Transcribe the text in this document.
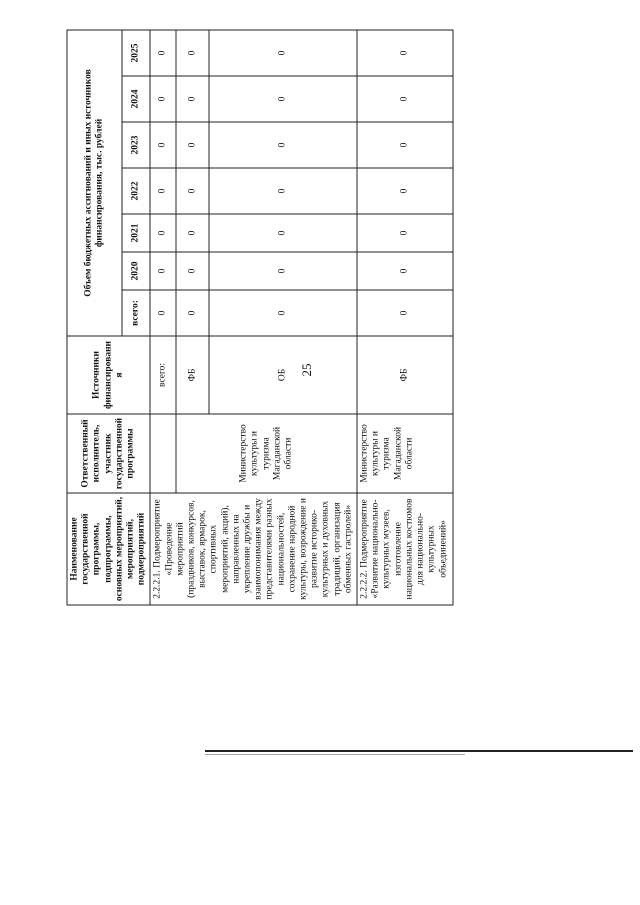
25
Наименование государственной программы, подпрограммы, основных мероприятий, мероприятий, подмероприятий	Ответственный исполнитель, участник государственной программы	Источники финансирования	Объем бюджетных ассигнований и иных источников финансирования, тыс. рублей						
			всего:	2020	2021	2022	2023	2024	2025
2.2.2.1. Подмероприятие «Проведение мероприятий (праздников, конкурсов, выставок, ярмарок, спортивных мероприятий, акций), направленных на укрепление дружбы и взаимопонимания между представителями разных национальностей, сохранение народной культуры, возрождение и развитие историко-культурных и духовных традиций, организация обменных гастролей»		всего:	0	0	0	0	0	0	0
	Министерство культуры и туризма Магаданской области	ФБ	0	0	0	0	0	0	0
		ОБ	0	0	0	0	0	0	0
2.2.2.2. Подмероприятие «Развитие национально-культурных музеев, изготовление национальных костюмов для национально-культурных объединений»	Министерство культуры и туризма Магаданской области	ФБ	0	0	0	0	0	0	0
